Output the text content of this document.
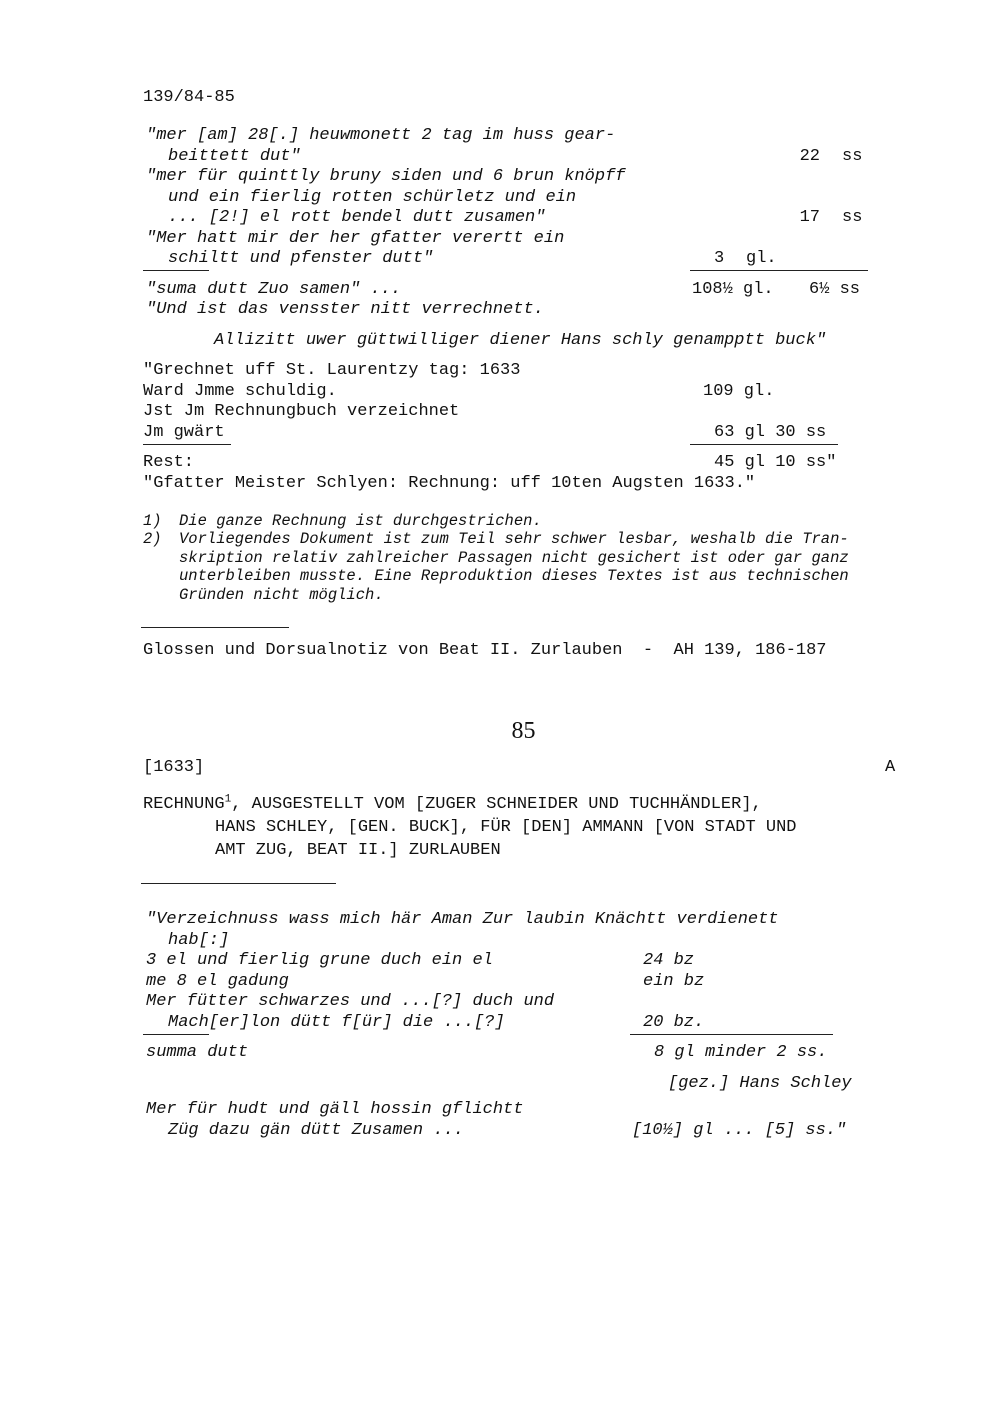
139/84-85
"mer [am] 28[.] heuwmonett 2 tag im huss gear-
beittett dut"	22 ss
"mer für quinttly bruny siden und 6 brun knöpff
und ein fierlig rotten schürletz und ein
... [2!] el rott bendel dutt zusamen"	17 ss
"Mer hatt mir der her gfatter verertt ein
schiltt und pfenster dutt"	3 gl.
"suma dutt Zuo samen" ...	108½ gl. 6½ ss
"Und ist das vensster nitt verrechnett.
Allizitt uwer güttwilliger diener Hans schly genampptt buck"
"Grechnet uff St. Laurentzy tag: 1633
Ward Jmme schuldig.	109 gl.
Jst Jm Rechnungbuch verzeichnet
Jm gwärt	63 gl 30 ss
Rest:	45 gl 10 ss"
"Gfatter Meister Schlyen: Rechnung: uff 10ten Augsten 1633."
1) Die ganze Rechnung ist durchgestrichen.
2) Vorliegendes Dokument ist zum Teil sehr schwer lesbar, weshalb die Tran-
skription relativ zahlreicher Passagen nicht gesichert ist oder gar ganz
unterbleiben musste. Eine Reproduktion dieses Textes ist aus technischen
Gründen nicht möglich.
Glossen und Dorsualnotiz von Beat II. Zurlauben  -  AH 139, 186-187
85
[1633]	A
RECHNUNG$^1$, AUSGESTELLT VOM [ZUGER SCHNEIDER UND TUCHHÄNDLER],
HANS SCHLEY, [GEN. BUCK], FÜR [DEN] AMMANN [VON STADT UND
AMT ZUG, BEAT II.] ZURLAUBEN
"Verzeichnuss wass mich här Aman Zur laubin Knächtt verdienett
hab[:]
3 el und fierlig grune duch ein el	24 bz
me 8 el gadung	ein bz
Mer fütter schwarzes und ...[?] duch und
Mach[er]lon dütt f[ür] die ...[?]	20 bz.
summa dutt	8 gl minder 2 ss.
[gez.] Hans Schley
Mer für hudt und gäll hossin gflichtt
Züg dazu gän dütt Zusamen ...	[10½] gl ... [5] ss."
